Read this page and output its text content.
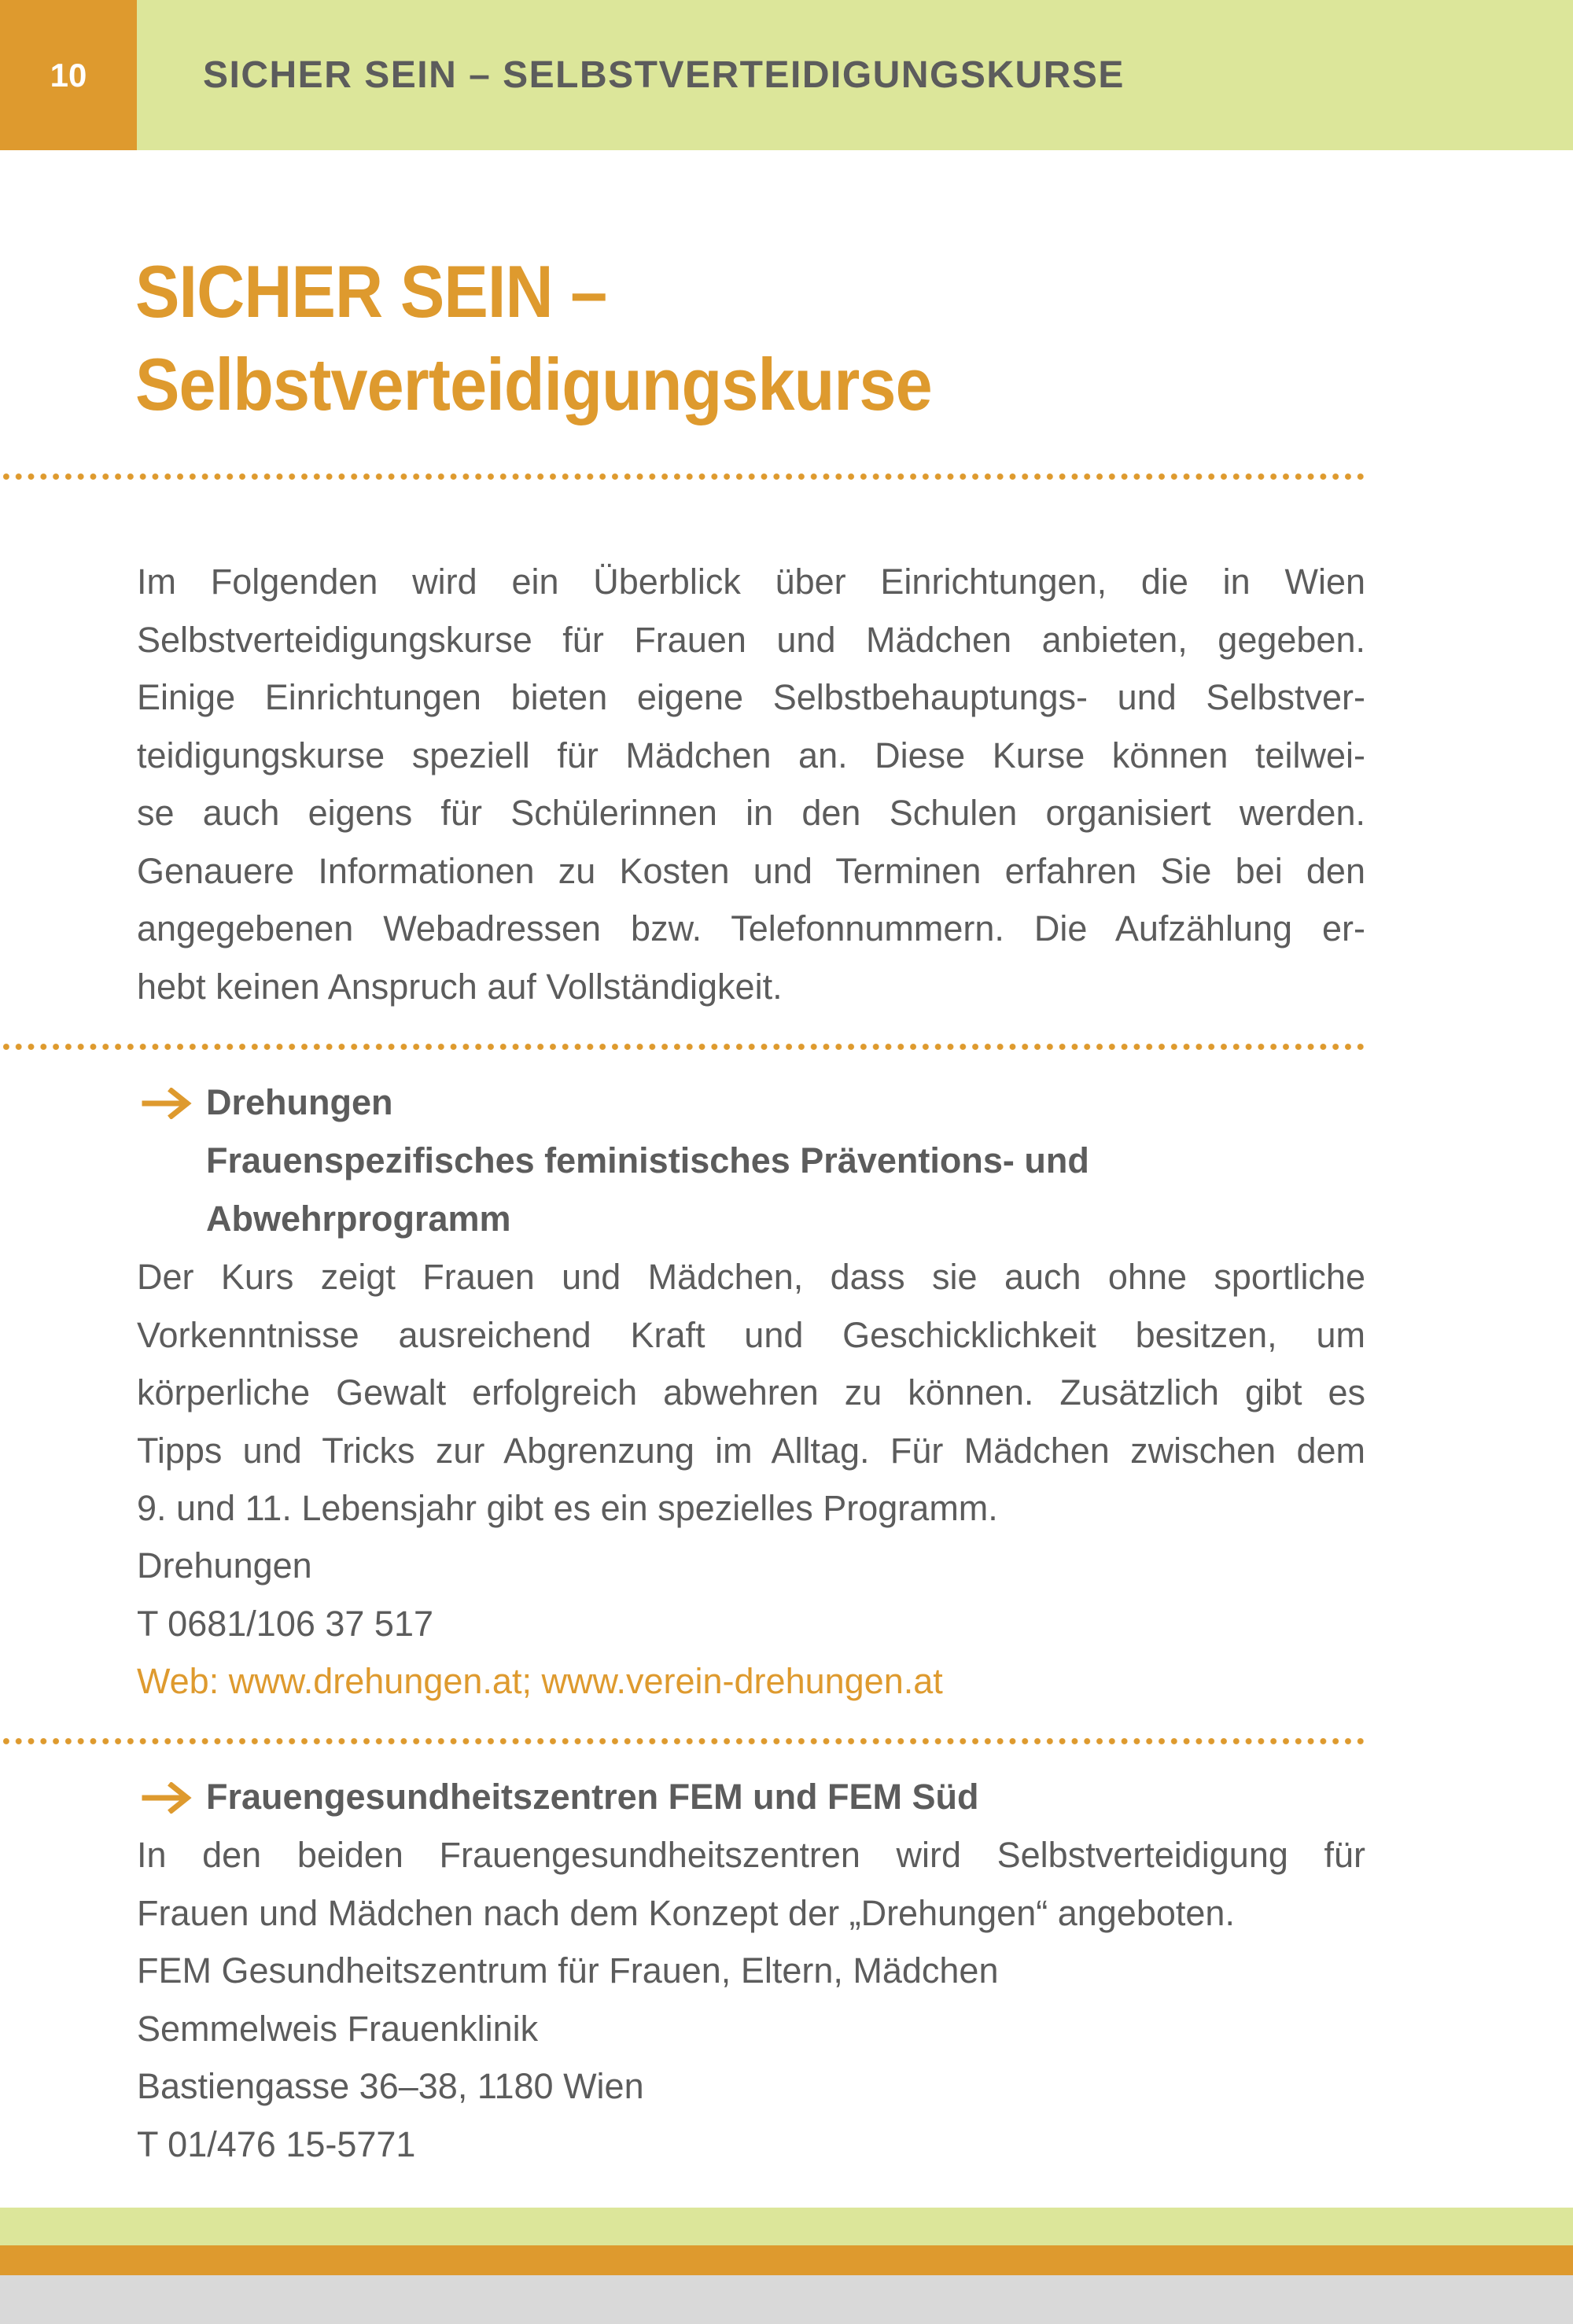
10	SICHER SEIN – SELBSTVERTEIDIGUNGSKURSE
SICHER SEIN –
Selbstverteidigungskurse
Im Folgenden wird ein Überblick über Einrichtungen, die in Wien
Selbstverteidigungskurse für Frauen und Mädchen anbieten, gegeben.
Einige Einrichtungen bieten eigene Selbstbehauptungs- und Selbstver-
teidigungskurse speziell für Mädchen an. Diese Kurse können teilwei-
se auch eigens für Schülerinnen in den Schulen organisiert werden.
Genauere Informationen zu Kosten und Terminen erfahren Sie bei den
angegebenen Webadressen bzw. Telefonnummern. Die Aufzählung er-
hebt keinen Anspruch auf Vollständigkeit.
Drehungen
Frauenspezifisches feministisches Präventions- und
Abwehrprogramm
Der Kurs zeigt Frauen und Mädchen, dass sie auch ohne sportliche
Vorkenntnisse ausreichend Kraft und Geschicklichkeit besitzen, um
körperliche Gewalt erfolgreich abwehren zu können. Zusätzlich gibt es
Tipps und Tricks zur Abgrenzung im Alltag. Für Mädchen zwischen dem
9. und 11. Lebensjahr gibt es ein spezielles Programm.
Drehungen
T 0681/106 37 517
Web: www.drehungen.at; www.verein-drehungen.at
Frauengesundheitszentren FEM und FEM Süd
In den beiden Frauengesundheitszentren wird Selbstverteidigung für
Frauen und Mädchen nach dem Konzept der „Drehungen“ angeboten.
FEM Gesundheitszentrum für Frauen, Eltern, Mädchen
Semmelweis Frauenklinik
Bastiengasse 36–38, 1180 Wien
T 01/476 15-5771
